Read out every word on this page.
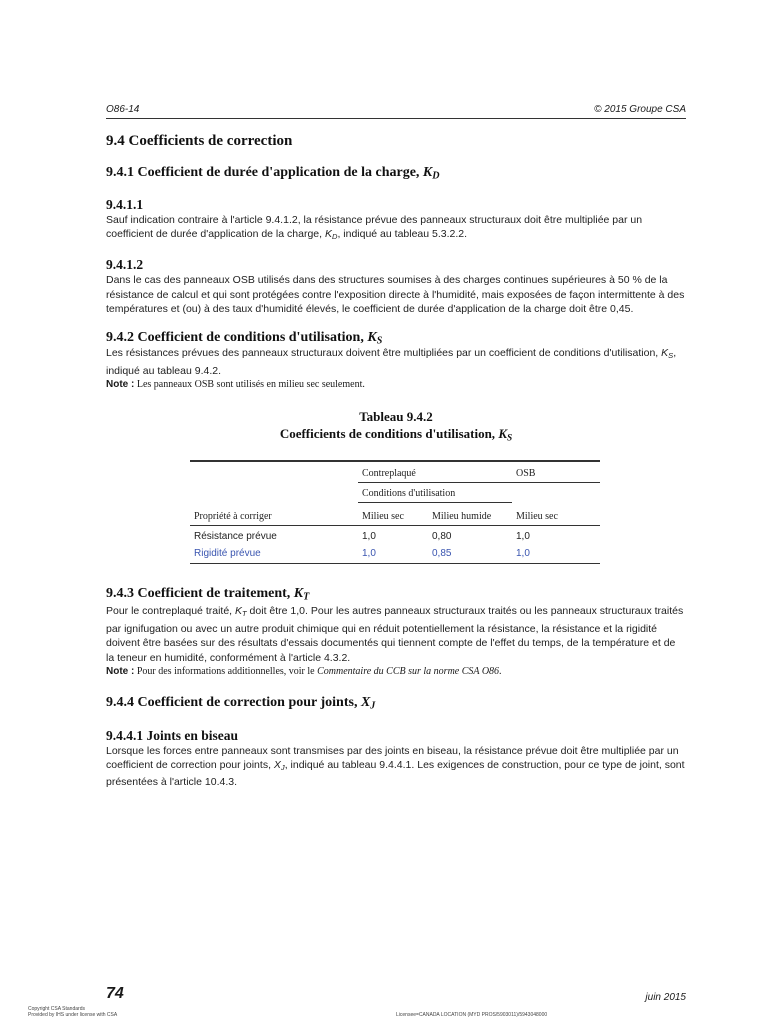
O86-14	© 2015 Groupe CSA
9.4 Coefficients de correction
9.4.1 Coefficient de durée d'application de la charge, $K_D$
9.4.1.1

Sauf indication contraire à l'article 9.4.1.2, la résistance prévue des panneaux structuraux doit être multipliée par un coefficient de durée d'application de la charge, $K_D$, indiqué au tableau 5.3.2.2.

9.4.1.2

Dans le cas des panneaux OSB utilisés dans des structures soumises à des charges continues supérieures à 50 % de la résistance de calcul et qui sont protégées contre l'exposition directe à l'humidité, mais exposées de façon intermittente à des températures et (ou) à des taux d'humidité élevés, le coefficient de durée d'application de la charge doit être 0,45.

9.4.2 Coefficient de conditions d'utilisation, $K_S$

Les résistances prévues des panneaux structuraux doivent être multipliées par un coefficient de conditions d'utilisation, $K_S$, indiqué au tableau 9.4.2.

Note : Les panneaux OSB sont utilisés en milieu sec seulement.

Tableau 9.4.2
Coefficients de conditions d'utilisation, $K_S$
	Contreplaqué		OSB
	Conditions d'utilisation		
Propriété à corriger	Milieu sec	Milieu humide	Milieu sec
Résistance prévue	1,0	0,80	1,0
Rigidité prévue	1,0	0,85	1,0
9.4.3 Coefficient de traitement, $K_T$

Pour le contreplaqué traité, $K_T$ doit être 1,0. Pour les autres panneaux structuraux traités ou les panneaux structuraux traités par ignifugation ou avec un autre produit chimique qui en réduit potentiellement la résistance, la résistance et la rigidité doivent être basées sur des résultats d'essais documentés qui tiennent compte de l'effet du temps, de la température et de la teneur en humidité, conformément à l'article 4.3.2.

Note : Pour des informations additionnelles, voir le Commentaire du CCB sur la norme CSA O86.

9.4.4 Coefficient de correction pour joints, $X_J$
9.4.4.1 Joints en biseau

Lorsque les forces entre panneaux sont transmises par des joints en biseau, la résistance prévue doit être multipliée par un coefficient de correction pour joints, $X_J$, indiqué au tableau 9.4.4.1. Les exigences de construction, pour ce type de joint, sont présentées à l'article 10.4.3.

74	juin 2015
Copyright CSA Standards
Provided by IHS under license with CSA	Licensee=CANADA LOCATION (MYD PROS/5903011)/5943048000
